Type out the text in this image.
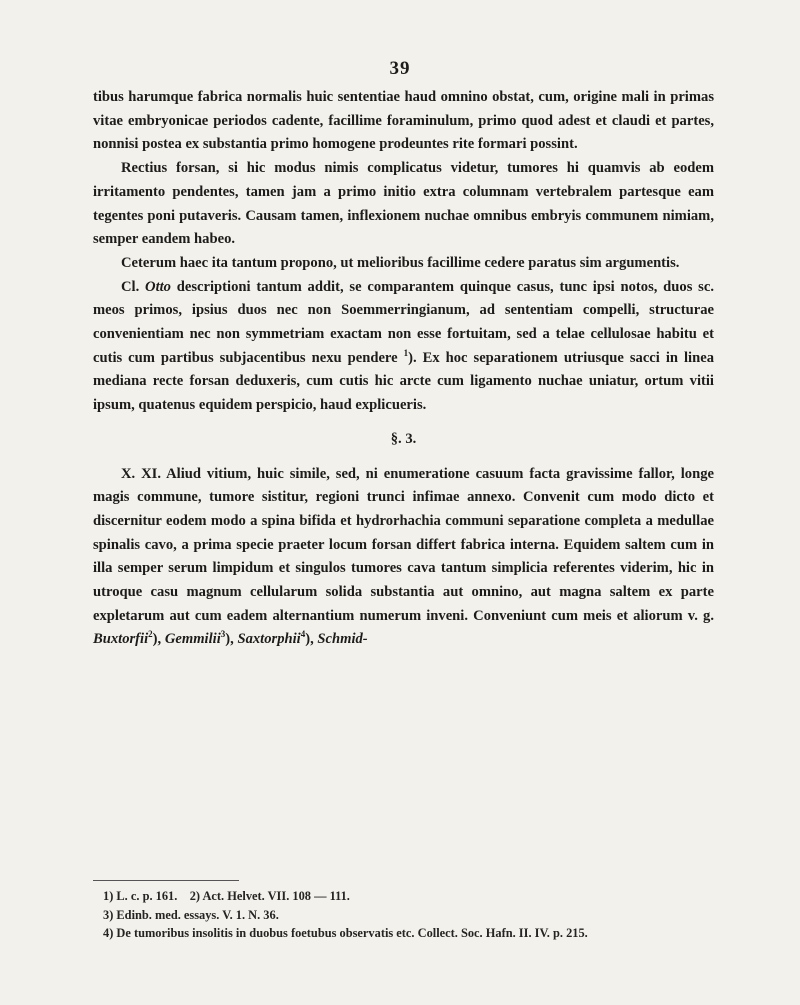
39

tibus harumque fabrica normalis huic sententiae haud omnino obstat, cum, origine mali in primas vitae embryonicae periodos cadente, facillime foraminulum, primo quod adest et claudi et partes, nonnisi postea ex substantia primo homogene prodeuntes rite formari possint.

Rectius forsan, si hic modus nimis complicatus videtur, tumores hi quamvis ab eodem irritamento pendentes, tamen jam a primo initio extra columnam vertebralem partesque eam tegentes poni putaveris. Causam tamen, inflexionem nuchae omnibus embryis communem nimiam, semper eandem habeo.

Ceterum haec ita tantum propono, ut melioribus facillime cedere paratus sim argumentis.

Cl. Otto descriptioni tantum addit, se comparantem quinque casus, tunc ipsi notos, duos sc. meos primos, ipsius duos nec non Soemmerringianum, ad sententiam compelli, structurae convenientiam nec non symmetriam exactam non esse fortuitam, sed a telae cellulosae habitu et cutis cum partibus subjacentibus nexu pendere $^1$). Ex hoc separationem utriusque sacci in linea mediana recte forsan deduxeris, cum cutis hic arcte cum ligamento nuchae uniatur, ortum vitii ipsum, quatenus equidem perspicio, haud explicueris.

§. 3.

X. XI. Aliud vitium, huic simile, sed, ni enumeratione casuum facta gravissime fallor, longe magis commune, tumore sistitur, regioni trunci infimae annexo. Convenit cum modo dicto et discernitur eodem modo a spina bifida et hydrorhachia communi separatione completa a medullae spinalis cavo, a prima specie praeter locum forsan differt fabrica interna. Equidem saltem cum in illa semper serum limpidum et singulos tumores cava tantum simplicia referentes viderim, hic in utroque casu magnum cellularum solida substantia aut omnino, aut magna saltem ex parte expletarum aut cum eadem alternantium numerum inveni. Conveniunt cum meis et aliorum v. g. Buxtorfii$^2$), Gemmilii$^3$), Saxtorphii$^4$), Schmid-

1) L. c. p. 161.    2) Act. Helvet. VII. 108 — 111.
3) Edinb. med. essays. V. 1. N. 36.
4) De tumoribus insolitis in duobus foetubus observatis etc. Collect. Soc. Hafn. II. IV. p. 215.
